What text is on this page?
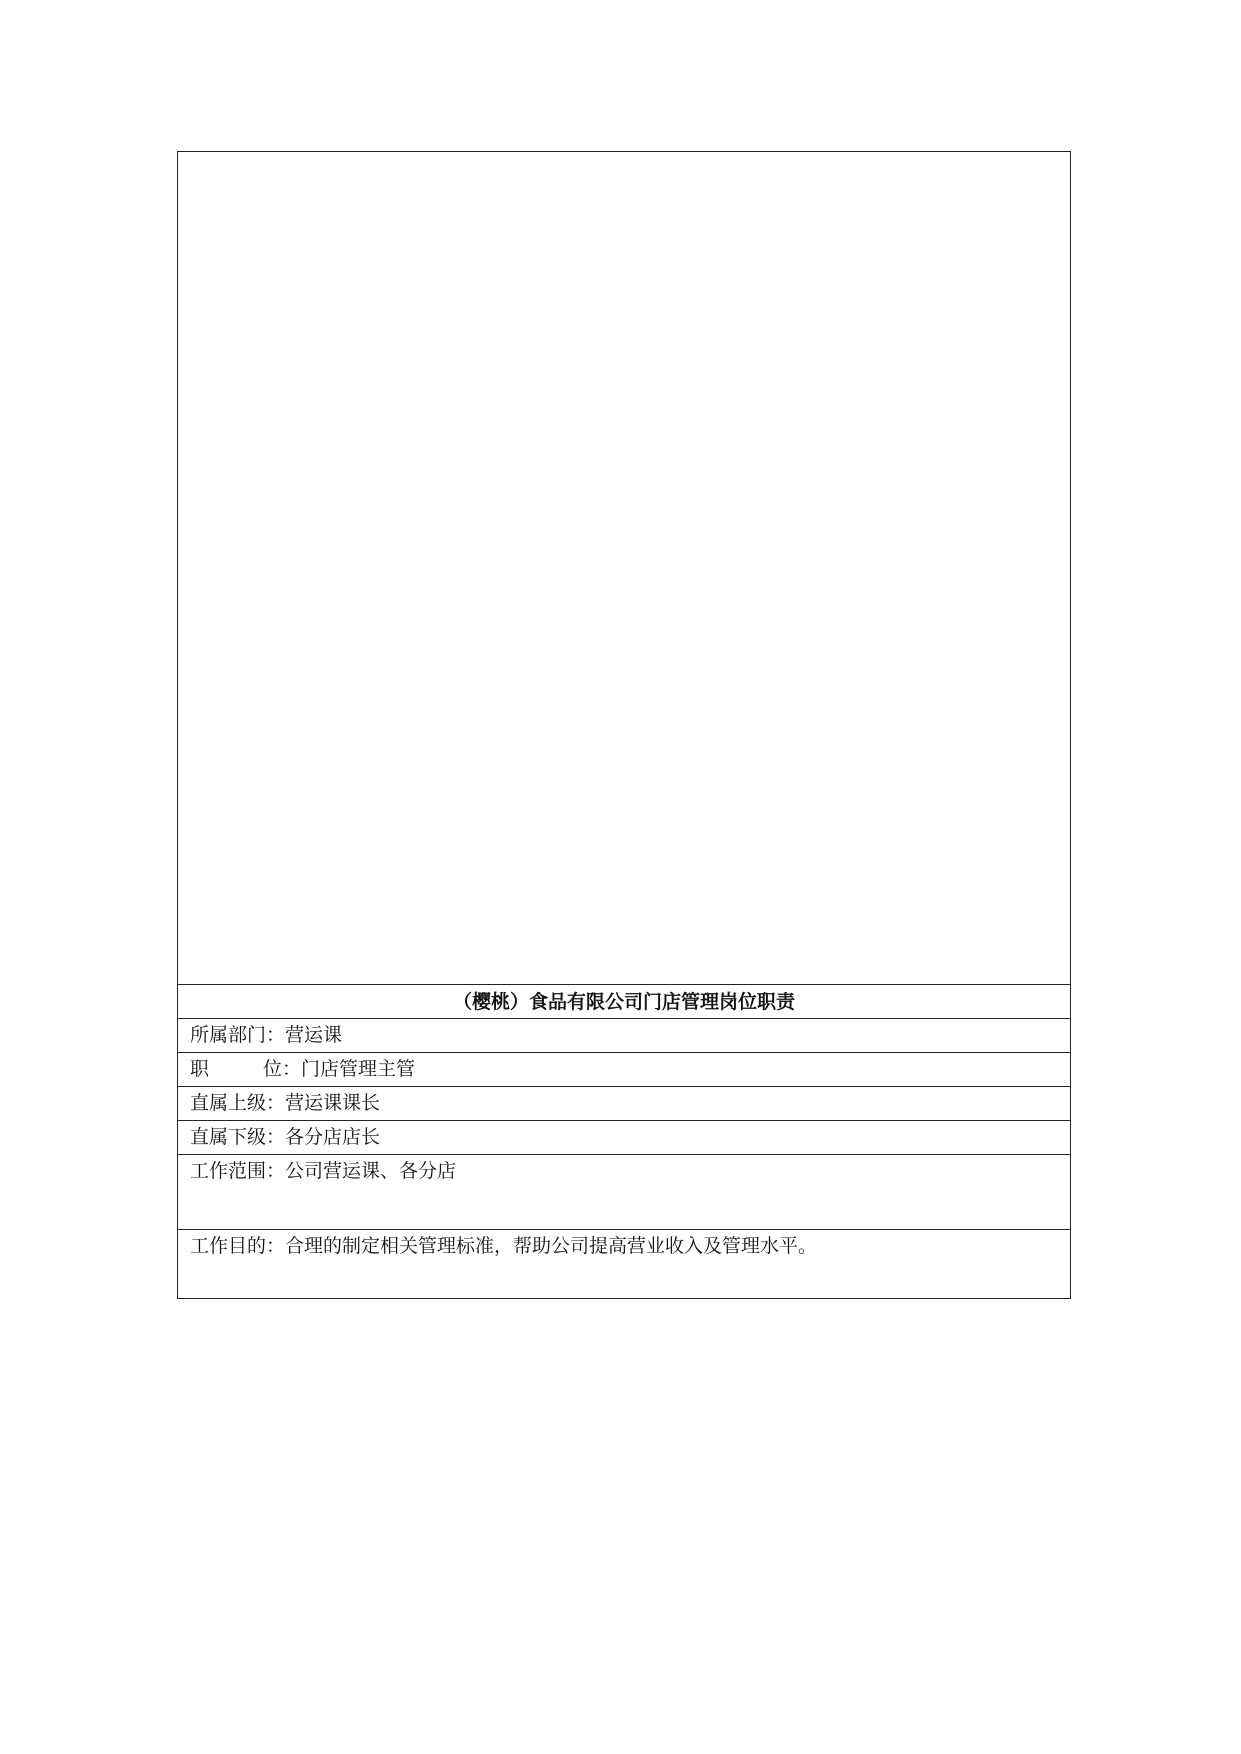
（樱桃）食品有限公司门店管理岗位职责
所属部门：营运课
职	位：门店管理主管
直属上级：营运课课长
直属下级：各分店店长
工作范围：公司营运课、各分店
工作目的：合理的制定相关管理标准，帮助公司提高营业收入及管理水平。
